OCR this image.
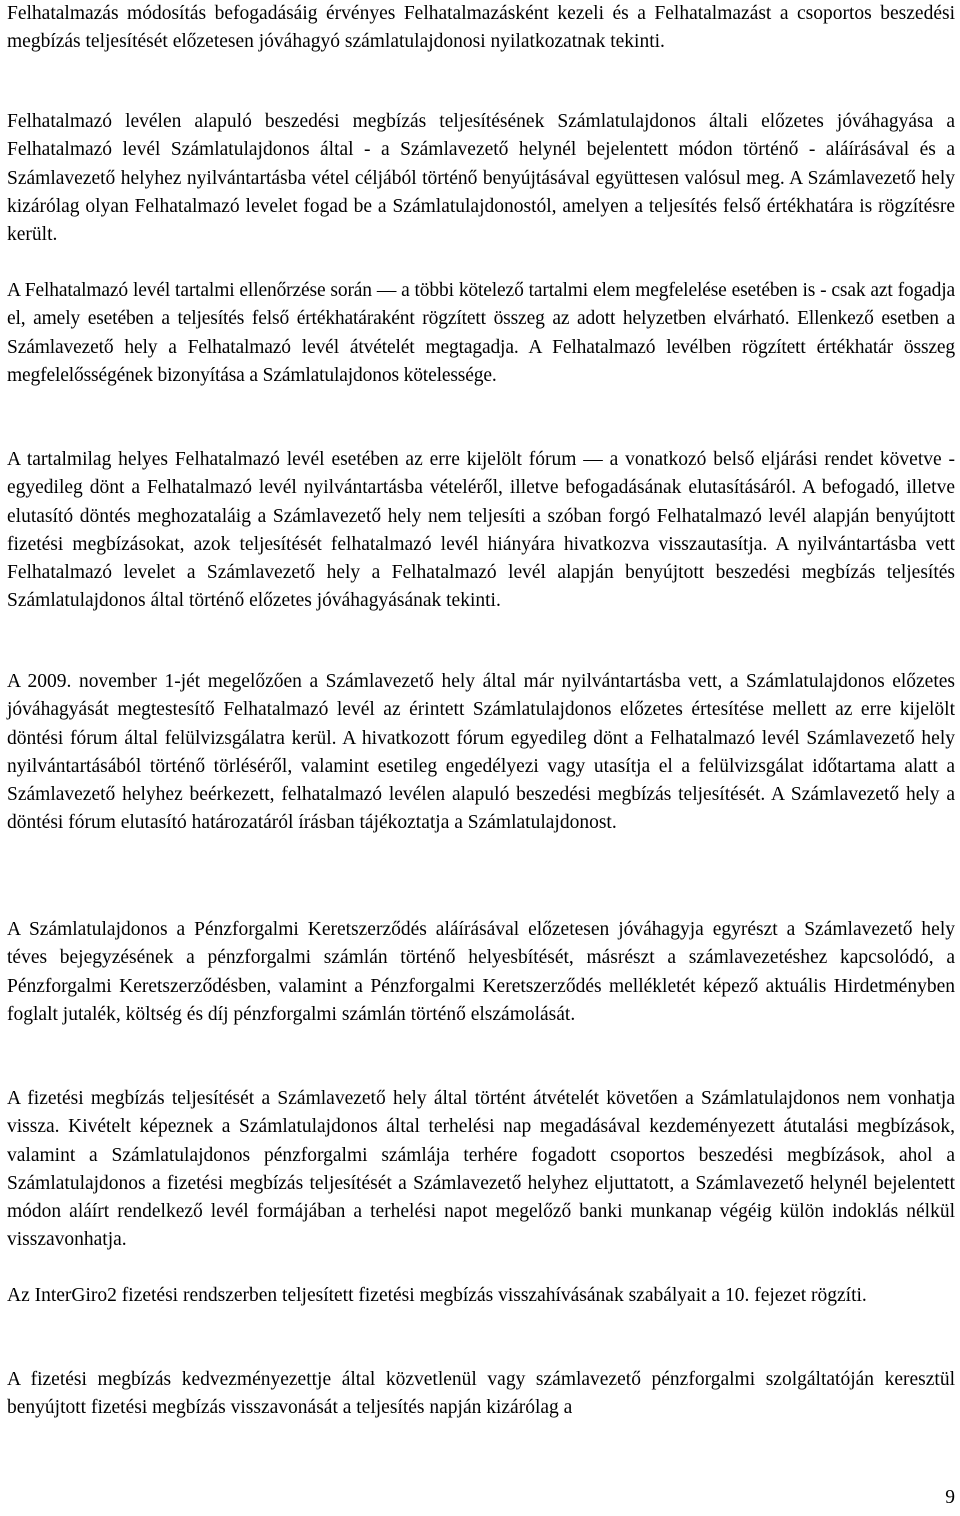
Felhatalmazás módosítás befogadásáig érvényes Felhatalmazásként kezeli és a Felhatalmazást a csoportos beszedési megbízás teljesítését előzetesen jóváhagyó számlatulajdonosi nyilatkozatnak tekinti.

Felhatalmazó levélen alapuló beszedési megbízás teljesítésének Számlatulajdonos általi előzetes jóváhagyása a Felhatalmazó levél Számlatulajdonos által - a Számlavezető helynél bejelentett módon történő - aláírásával és a Számlavezető helyhez nyilvántartásba vétel céljából történő benyújtásával együttesen valósul meg. A Számlavezető hely kizárólag olyan Felhatalmazó levelet fogad be a Számlatulajdonostól, amelyen a teljesítés felső értékhatára is rögzítésre került.

A Felhatalmazó levél tartalmi ellenőrzése során — a többi kötelező tartalmi elem megfelelése esetében is - csak azt fogadja el, amely esetében a teljesítés felső értékhatáraként rögzített összeg az adott helyzetben elvárható. Ellenkező esetben a Számlavezető hely a Felhatalmazó levél átvételét megtagadja. A Felhatalmazó levélben rögzített értékhatár összeg megfelelősségének bizonyítása a Számlatulajdonos kötelessége.

A tartalmilag helyes Felhatalmazó levél esetében az erre kijelölt fórum — a vonatkozó belső eljárási rendet követve - egyedileg dönt a Felhatalmazó levél nyilvántartásba vételéről, illetve befogadásának elutasításáról. A befogadó, illetve elutasító döntés meghozataláig a Számlavezető hely nem teljesíti a szóban forgó Felhatalmazó levél alapján benyújtott fizetési megbízásokat, azok teljesítését felhatalmazó levél hiányára hivatkozva visszautasítja. A nyilvántartásba vett Felhatalmazó levelet a Számlavezető hely a Felhatalmazó levél alapján benyújtott beszedési megbízás teljesítés Számlatulajdonos által történő előzetes jóváhagyásának tekinti.

A 2009. november 1-jét megelőzően a Számlavezető hely által már nyilvántartásba vett, a Számlatulajdonos előzetes jóváhagyását megtestesítő Felhatalmazó levél az érintett Számlatulajdonos előzetes értesítése mellett az erre kijelölt döntési fórum által felülvizsgálatra kerül. A hivatkozott fórum egyedileg dönt a Felhatalmazó levél Számlavezető hely nyilvántartásából történő törléséről, valamint esetileg engedélyezi vagy utasítja el a felülvizsgálat időtartama alatt a Számlavezető helyhez beérkezett, felhatalmazó levélen alapuló beszedési megbízás teljesítését. A Számlavezető hely a döntési fórum elutasító határozatáról írásban tájékoztatja a Számlatulajdonost.

A Számlatulajdonos a Pénzforgalmi Keretszerződés aláírásával előzetesen jóváhagyja egyrészt a Számlavezető hely téves bejegyzésének a pénzforgalmi számlán történő helyesbítését, másrészt a számlavezetéshez kapcsolódó, a Pénzforgalmi Keretszerződésben, valamint a Pénzforgalmi Keretszerződés mellékletét képező aktuális Hirdetményben foglalt jutalék, költség és díj pénzforgalmi számlán történő elszámolását.

A fizetési megbízás teljesítését a Számlavezető hely által történt átvételét követően a Számlatulajdonos nem vonhatja vissza. Kivételt képeznek a Számlatulajdonos által terhelési nap megadásával kezdeményezett átutalási megbízások, valamint a Számlatulajdonos pénzforgalmi számlája terhére fogadott csoportos beszedési megbízások, ahol a Számlatulajdonos a fizetési megbízás teljesítését a Számlavezető helyhez eljuttatott, a Számlavezető helynél bejelentett módon aláírt rendelkező levél formájában a terhelési napot megelőző banki munkanap végéig külön indoklás nélkül visszavonhatja.

Az InterGiro2 fizetési rendszerben teljesített fizetési megbízás visszahívásának szabályait a 10. fejezet rögzíti.

A fizetési megbízás kedvezményezettje által közvetlenül vagy számlavezető pénzforgalmi szolgáltatóján keresztül benyújtott fizetési megbízás visszavonását a teljesítés napján kizárólag a

9
